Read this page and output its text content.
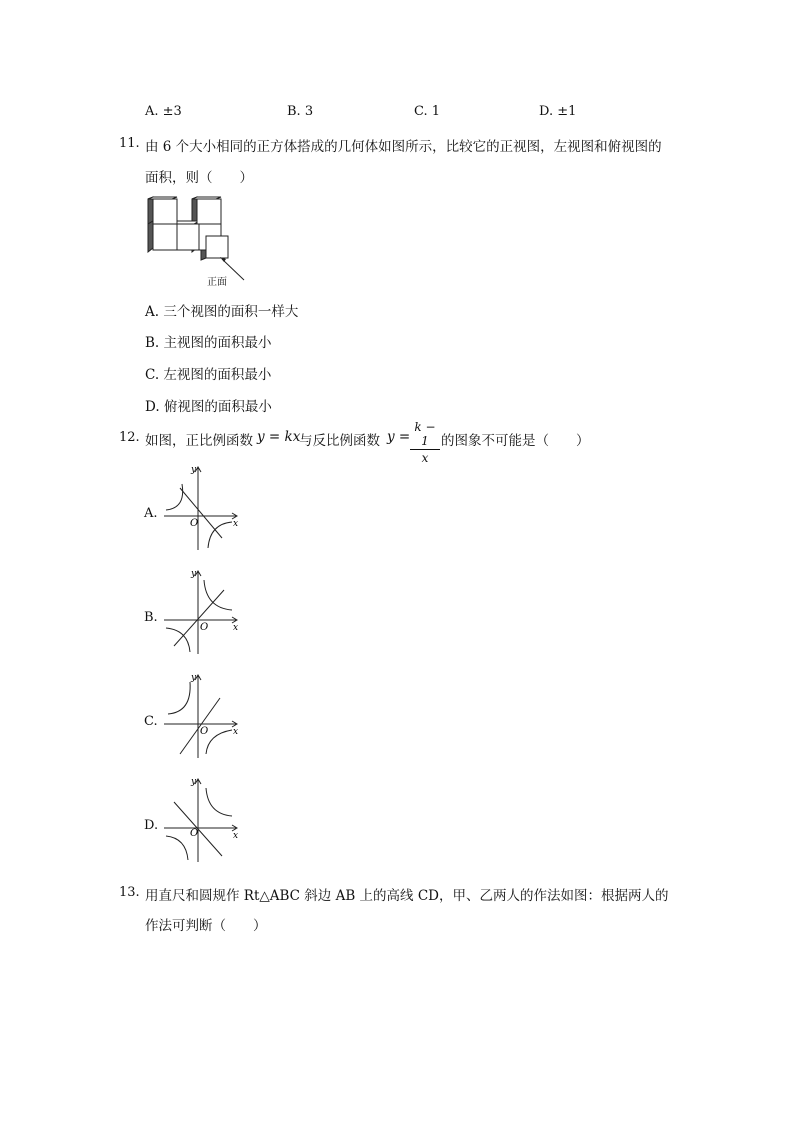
A. ±3	B. 3	C. 1	D. ±1
11. 由 6 个大小相同的正方体搭成的几何体如图所示，比较它的正视图，左视图和俯视图的
面积，则（　　）
正面
A. 三个视图的面积一样大
B. 主视图的面积最小
C. 左视图的面积最小
D. 俯视图的面积最小
12. 如图，正比例函数 y = kx
与反比例函数 y =
k − 1
x
的图象不可能是（　　）
A.
y
x
O
B.
y
x
O
C.
y
x
O
D.
y
x
O
13. 用直尺和圆规作 Rt△ABC 斜边 AB 上的高线 CD，甲、乙两人的作法如图：根据两人的
作法可判断（　　）
